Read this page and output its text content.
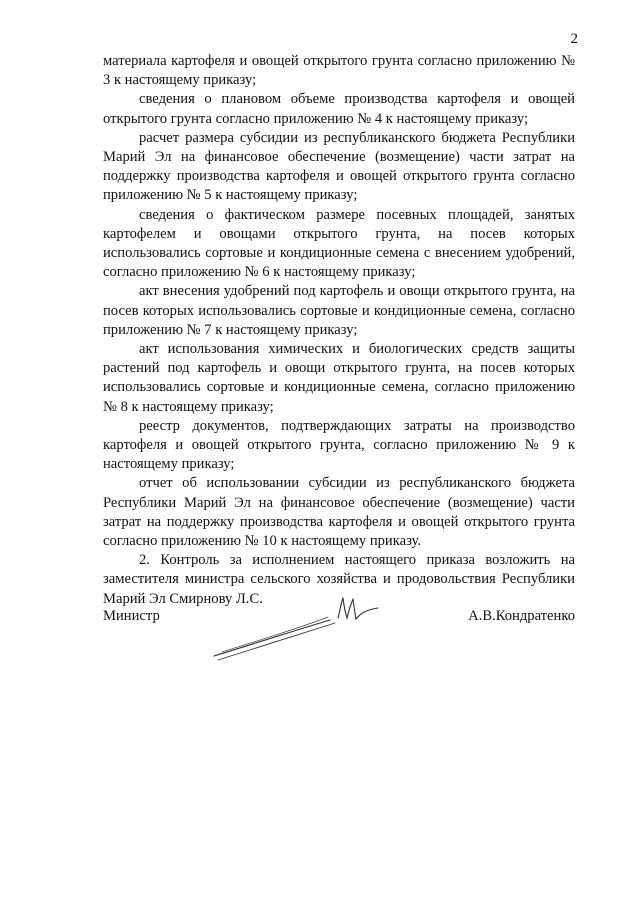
2

материала картофеля и овощей открытого грунта согласно приложению № 3 к настоящему приказу;

сведения о плановом объеме производства картофеля и овощей открытого грунта согласно приложению № 4 к настоящему приказу;

расчет размера субсидии из республиканского бюджета Республики Марий Эл на финансовое обеспечение (возмещение) части затрат на поддержку производства картофеля и овощей открытого грунта согласно приложению № 5 к настоящему приказу;

сведения о фактическом размере посевных площадей, занятых картофелем и овощами открытого грунта, на посев которых использовались сортовые и кондиционные семена с внесением удобрений, согласно приложению № 6 к настоящему приказу;

акт внесения удобрений под картофель и овощи открытого грунта, на посев которых использовались сортовые и кондиционные семена, согласно приложению № 7 к настоящему приказу;

акт использования химических и биологических средств защиты растений под картофель и овощи открытого грунта, на посев которых использовались сортовые и кондиционные семена, согласно приложению № 8 к настоящему приказу;

реестр документов, подтверждающих затраты на производство картофеля и овощей открытого грунта, согласно приложению № 9 к настоящему приказу;

отчет об использовании субсидии из республиканского бюджета Республики Марий Эл на финансовое обеспечение (возмещение) части затрат на поддержку производства картофеля и овощей открытого грунта согласно приложению № 10 к настоящему приказу.

2. Контроль за исполнением настоящего приказа возложить на заместителя министра сельского хозяйства и продовольствия Республики Марий Эл Смирнову Л.С.

Министр	А.В.Кондратенко
